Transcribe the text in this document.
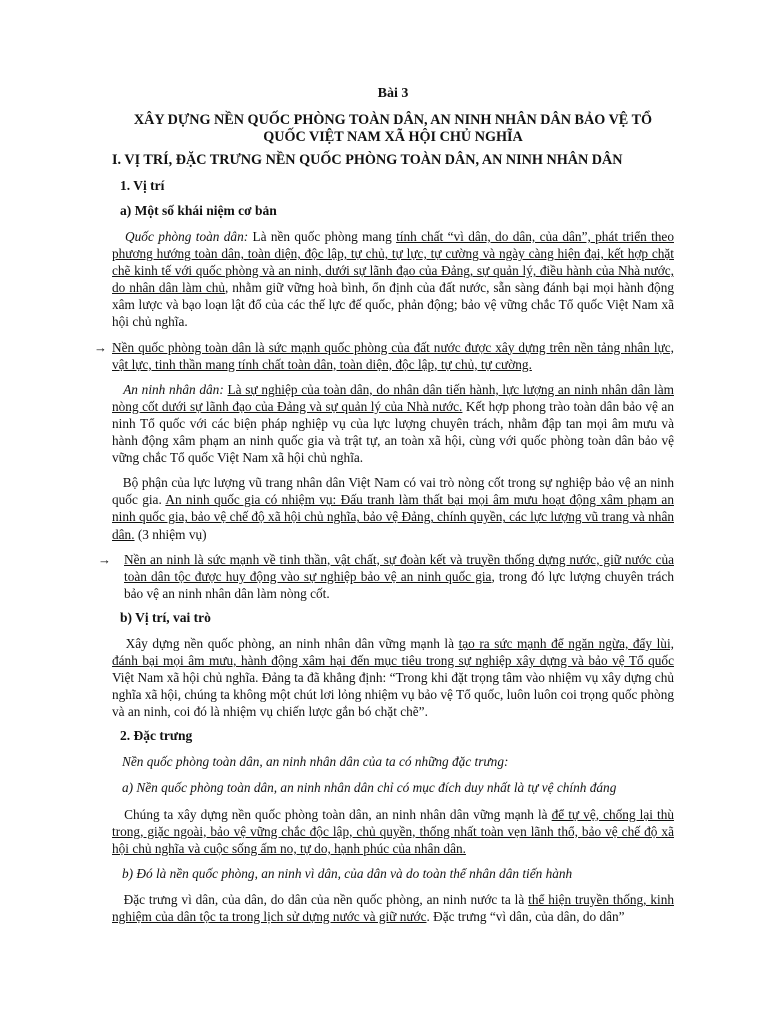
Bài 3
XÂY DỰNG NỀN QUỐC PHÒNG TOÀN DÂN, AN NINH NHÂN DÂN BẢO VỆ TỔ
QUỐC VIỆT NAM XÃ HỘI CHỦ NGHĨA
I. VỊ TRÍ, ĐẶC TRƯNG NỀN QUỐC PHÒNG TOÀN DÂN, AN NINH NHÂN DÂN
1. Vị trí
a) Một số khái niệm cơ bản

Quốc phòng toàn dân: Là nền quốc phòng mang tính chất “vì dân, do dân, của dân”, phát triển theo phương hướng toàn dân, toàn diện, độc lập, tự chủ, tự lực, tự cường và ngày càng hiện đại, kết hợp chặt chẽ kinh tế với quốc phòng và an ninh, dưới sự lãnh đạo của Đảng, sự quản lý, điều hành của Nhà nước, do nhân dân làm chủ, nhằm giữ vững hoà bình, ổn định của đất nước, sẵn sàng đánh bại mọi hành động xâm lược và bạo loạn lật đổ của các thế lực đế quốc, phản động; bảo vệ vững chắc Tổ quốc Việt Nam xã hội chủ nghĩa.

→ Nền quốc phòng toàn dân là sức mạnh quốc phòng của đất nước được xây dựng trên nền tảng nhân lực, vật lực, tinh thần mang tính chất toàn dân, toàn diện, độc lập, tự chủ, tự cường.

An ninh nhân dân: Là sự nghiệp của toàn dân, do nhân dân tiến hành, lực lượng an ninh nhân dân làm nòng cốt dưới sự lãnh đạo của Đảng và sự quản lý của Nhà nước. Kết hợp phong trào toàn dân bảo vệ an ninh Tổ quốc với các biện pháp nghiệp vụ của lực lượng chuyên trách, nhằm đập tan mọi âm mưu và hành động xâm phạm an ninh quốc gia và trật tự, an toàn xã hội, cùng với quốc phòng toàn dân bảo vệ vững chắc Tổ quốc Việt Nam xã hội chủ nghĩa.

Bộ phận của lực lượng vũ trang nhân dân Việt Nam có vai trò nòng cốt trong sự nghiệp bảo vệ an ninh quốc gia. An ninh quốc gia có nhiệm vụ: Đấu tranh làm thất bại mọi âm mưu hoạt động xâm phạm an ninh quốc gia, bảo vệ chế độ xã hội chủ nghĩa, bảo vệ Đảng, chính quyền, các lực lượng vũ trang và nhân dân. (3 nhiệm vụ)

→ Nền an ninh là sức mạnh về tinh thần, vật chất, sự đoàn kết và truyền thống dựng nước, giữ nước của toàn dân tộc được huy động vào sự nghiệp bảo vệ an ninh quốc gia, trong đó lực lượng chuyên trách bảo vệ an ninh nhân dân làm nòng cốt.

b) Vị trí, vai trò

Xây dựng nền quốc phòng, an ninh nhân dân vững mạnh là tạo ra sức mạnh để ngăn ngừa, đẩy lùi, đánh bại mọi âm mưu, hành động xâm hại đến mục tiêu trong sự nghiệp xây dựng và bảo vệ Tổ quốc Việt Nam xã hội chủ nghĩa. Đảng ta đã khẳng định: “Trong khi đặt trọng tâm vào nhiệm vụ xây dựng chủ nghĩa xã hội, chúng ta không một chút lơi lỏng nhiệm vụ bảo vệ Tổ quốc, luôn luôn coi trọng quốc phòng và an ninh, coi đó là nhiệm vụ chiến lược gắn bó chặt chẽ”.

2. Đặc trưng

Nền quốc phòng toàn dân, an ninh nhân dân của ta có những đặc trưng:

a) Nền quốc phòng toàn dân, an ninh nhân dân chỉ có mục đích duy nhất là tự vệ chính đáng

Chúng ta xây dựng nền quốc phòng toàn dân, an ninh nhân dân vững mạnh là để tự vệ, chống lại thù trong, giặc ngoài, bảo vệ vững chắc độc lập, chủ quyền, thống nhất toàn vẹn lãnh thổ, bảo vệ chế độ xã hội chủ nghĩa và cuộc sống ấm no, tự do, hạnh phúc của nhân dân.

b) Đó là nền quốc phòng, an ninh vì dân, của dân và do toàn thể nhân dân tiến hành

Đặc trưng vì dân, của dân, do dân của nền quốc phòng, an ninh nước ta là thể hiện truyền thống, kinh nghiệm của dân tộc ta trong lịch sử dựng nước và giữ nước. Đặc trưng “vì dân, của dân, do dân”
